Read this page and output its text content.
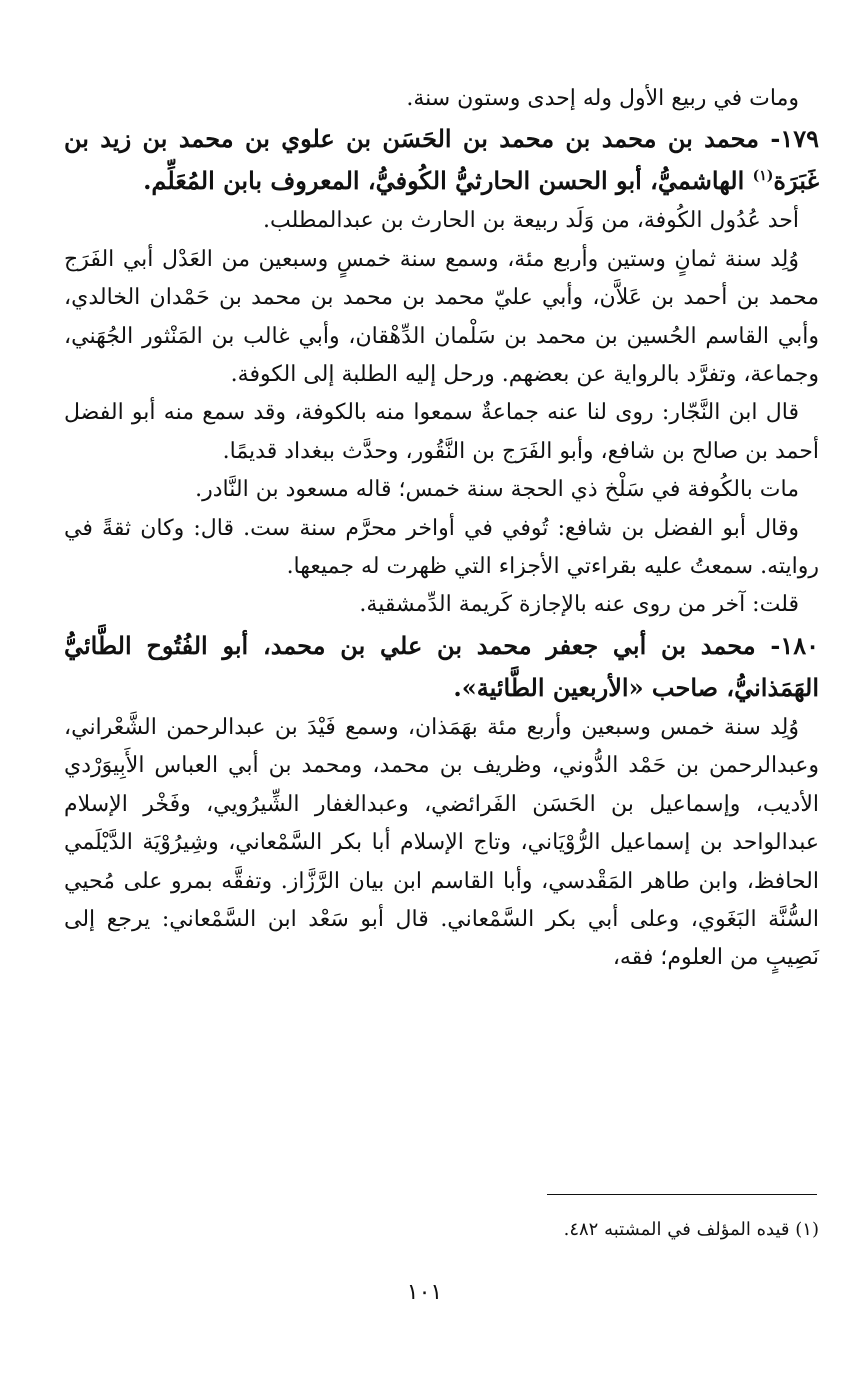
ومات في ربيع الأول وله إحدى وستون سنة.

١٧٩- محمد بن محمد بن محمد بن الحَسَن بن علوي بن محمد بن زيد بن غَبَرَة$^{(١)}$ الهاشميُّ، أبو الحسن الحارثيُّ الكُوفيُّ، المعروف بابن المُعَلِّم.

أحد عُدُول الكُوفة، من وَلَد ربيعة بن الحارث بن عبدالمطلب.

وُلِد سنة ثمانٍ وستين وأربع مئة، وسمع سنة خمسٍ وسبعين من العَدْل أبي الفَرَج محمد بن أحمد بن عَلاَّن، وأبي عليّ محمد بن محمد بن محمد بن حَمْدان الخالدي، وأبي القاسم الحُسين بن محمد بن سَلْمان الدِّهْقان، وأبي غالب بن المَنْثور الجُهَني، وجماعة، وتفرَّد بالرواية عن بعضهم. ورحل إليه الطلبة إلى الكوفة.

قال ابن النَّجّار: روى لنا عنه جماعةٌ سمعوا منه بالكوفة، وقد سمع منه أبو الفضل أحمد بن صالح بن شافع، وأبو الفَرَج بن النَّقُور، وحدَّث ببغداد قديمًا.

مات بالكُوفة في سَلْخ ذي الحجة سنة خمس؛ قاله مسعود بن النَّادر.

وقال أبو الفضل بن شافع: تُوفي في أواخر محرَّم سنة ست. قال: وكان ثقةً في روايته. سمعتُ عليه بقراءتي الأجزاء التي ظهرت له جميعها.

قلت: آخر من روى عنه بالإجازة كَريمة الدِّمشقية.

١٨٠- محمد بن أبي جعفر محمد بن علي بن محمد، أبو الفُتُوح الطَّائيُّ الهَمَذانيُّ، صاحب «الأربعين الطَّائية».

وُلِد سنة خمس وسبعين وأربع مئة بهَمَذان، وسمع فَيْدَ بن عبدالرحمن الشَّعْراني، وعبدالرحمن بن حَمْد الدُّوني، وظريف بن محمد، ومحمد بن أبي العباس الأَبِيوَرْدي الأديب، وإسماعيل بن الحَسَن الفَرائضي، وعبدالغفار الشِّيرُويي، وفَخْر الإسلام عبدالواحد بن إسماعيل الرُّوْيَاني، وتاج الإسلام أبا بكر السَّمْعاني، وشِيرُوْيَة الدَّيْلَمي الحافظ، وابن طاهر المَقْدسي، وأبا القاسم ابن بيان الرَّزَّاز. وتفقَّه بمرو على مُحيي السُّنَّة البَغَوي، وعلى أبي بكر السَّمْعاني. قال أبو سَعْد ابن السَّمْعاني: يرجع إلى نَصِيبٍ من العلوم؛ فقه،

(١) قيده المؤلف في المشتبه ٤٨٢.

١٠١
